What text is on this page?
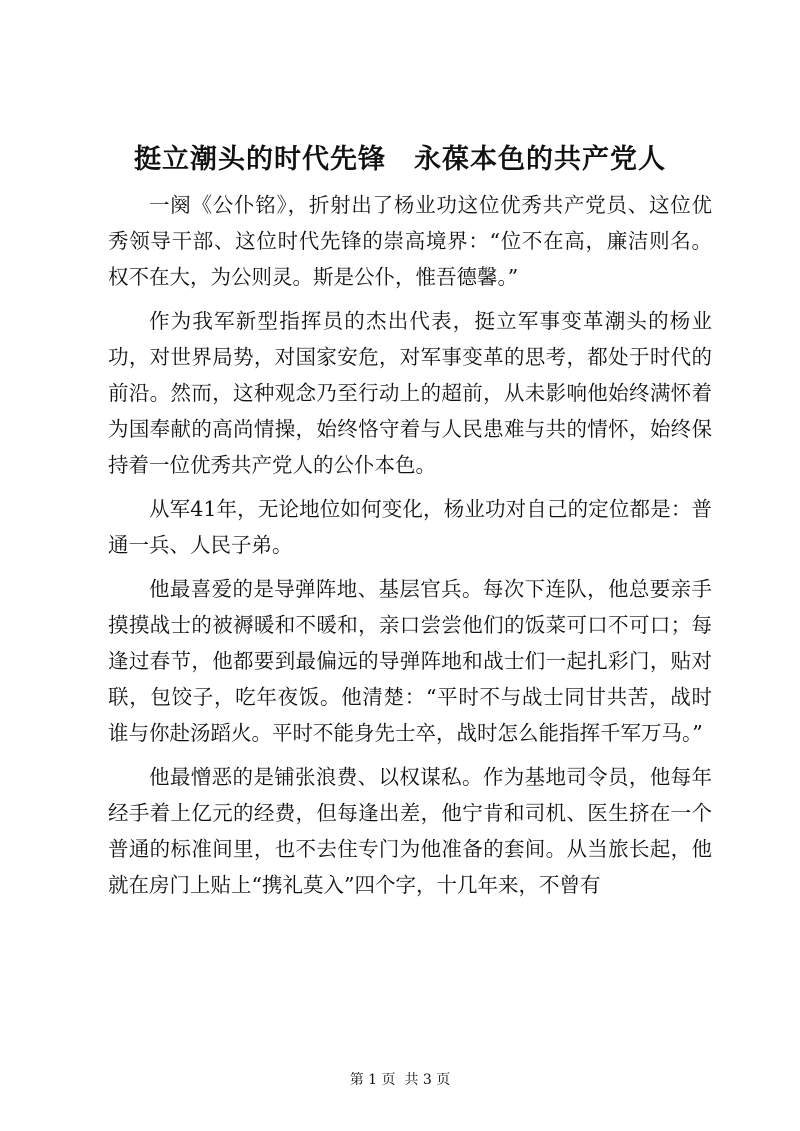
挺立潮头的时代先锋　永葆本色的共产党人

一阕《公仆铭》，折射出了杨业功这位优秀共产党员、这位优秀领导干部、这位时代先锋的崇高境界：“位不在高，廉洁则名。权不在大，为公则灵。斯是公仆，惟吾德馨。”

作为我军新型指挥员的杰出代表，挺立军事变革潮头的杨业功，对世界局势，对国家安危，对军事变革的思考，都处于时代的前沿。然而，这种观念乃至行动上的超前，从未影响他始终满怀着为国奉献的高尚情操，始终恪守着与人民患难与共的情怀，始终保持着一位优秀共产党人的公仆本色。

从军41年，无论地位如何变化，杨业功对自己的定位都是：普通一兵、人民子弟。

他最喜爱的是导弹阵地、基层官兵。每次下连队，他总要亲手摸摸战士的被褥暖和不暖和，亲口尝尝他们的饭菜可口不可口；每逢过春节，他都要到最偏远的导弹阵地和战士们一起扎彩门，贴对联，包饺子，吃年夜饭。他清楚：“平时不与战士同甘共苦，战时谁与你赴汤蹈火。平时不能身先士卒，战时怎么能指挥千军万马。”

他最憎恶的是铺张浪费、以权谋私。作为基地司令员，他每年经手着上亿元的经费，但每逢出差，他宁肯和司机、医生挤在一个普通的标准间里，也不去住专门为他准备的套间。从当旅长起，他就在房门上贴上“携礼莫入”四个字，十几年来，不曾有

第 1 页  共 3 页
